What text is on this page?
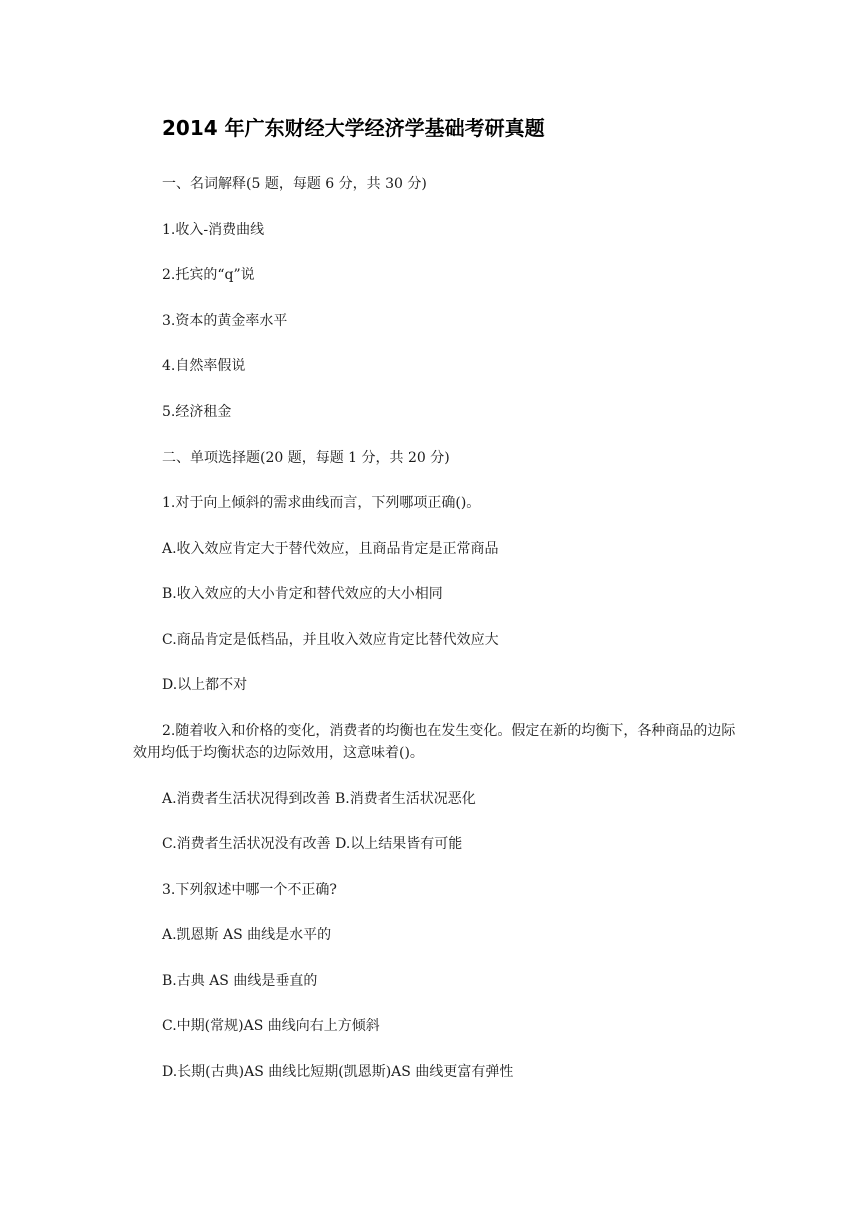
2014 年广东财经大学经济学基础考研真题
一、名词解释(5 题，每题 6 分，共 30 分)
1.收入-消费曲线
2.托宾的“q”说
3.资本的黄金率水平
4.自然率假说
5.经济租金
二、单项选择题(20 题，每题 1 分，共 20 分)
1.对于向上倾斜的需求曲线而言，下列哪项正确()。
A.收入效应肯定大于替代效应，且商品肯定是正常商品
B.收入效应的大小肯定和替代效应的大小相同
C.商品肯定是低档品，并且收入效应肯定比替代效应大
D.以上都不对
2.随着收入和价格的变化，消费者的均衡也在发生变化。假定在新的均衡下，各种商品的边际效用均低于均衡状态的边际效用，这意味着()。
A.消费者生活状况得到改善 B.消费者生活状况恶化
C.消费者生活状况没有改善 D.以上结果皆有可能
3.下列叙述中哪一个不正确?
A.凯恩斯 AS 曲线是水平的
B.古典 AS 曲线是垂直的
C.中期(常规)AS 曲线向右上方倾斜
D.长期(古典)AS 曲线比短期(凯恩斯)AS 曲线更富有弹性
